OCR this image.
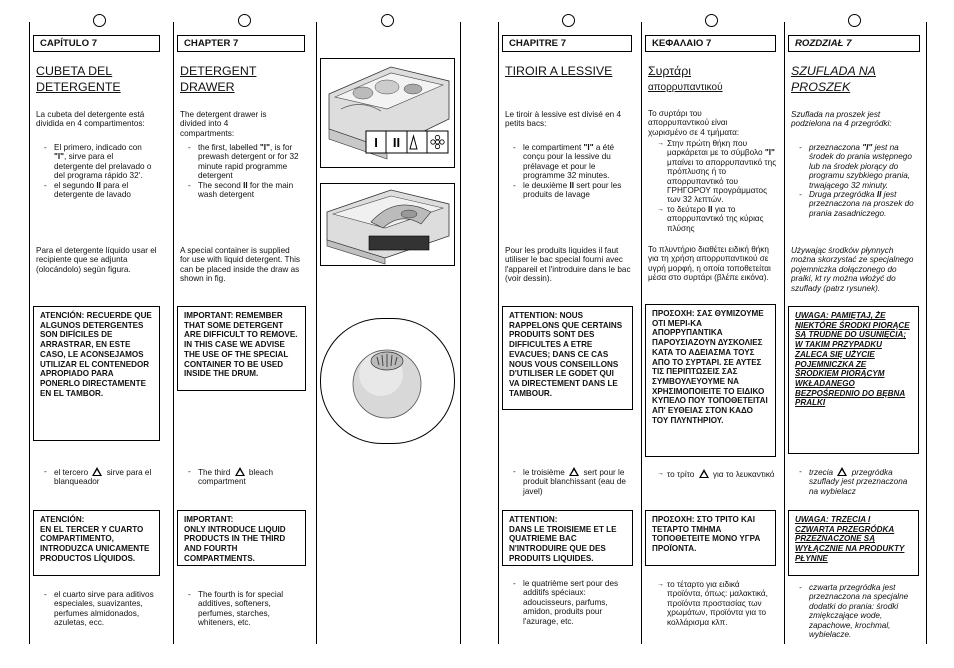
CAPÍTULO 7
CUBETA DEL
DETERGENTE

La cubeta del detergente está dividida en 4 compartimentos:

- El primero, indicado con "I", sirve para el detergente del prelavado o del programa rápido 32'.
- el segundo II para el detergente de lavado

Para el detergente líquido usar el recipiente que se adjunta (olocándolo) según figura.

ATENCIÓN: RECUERDE QUE ALGUNOS DETERGENTES SON DIFÍCILES DE ARRASTRAR, EN ESTE CASO, LE ACONSEJAMOS UTILIZAR EL CONTENEDOR APROPIADO PARA PONERLO DIRECTAMENTE EN EL TAMBOR.
- el tercero sirve para el blanqueador
ATENCIÓN:
EN EL TERCER Y CUARTO COMPARTIMENTO, INTRODUZCA UNICAMENTE PRODUCTOS LÍQUIDOS.
- el cuarto sirve para aditivos especiales, suavizantes, perfumes almidonados, azuletas, ecc.
CHAPTER 7
DETERGENT
DRAWER

The detergent drawer is divided into 4 compartments:

- the first, labelled "I", is for prewash detergent or for 32 minute rapid programme detergent
- The second II for the main wash detergent

A special container is supplied for use with liquid detergent. This can be placed inside the draw as shown in fig.

IMPORTANT: REMEMBER THAT SOME DETERGENT ARE DIFFICULT TO REMOVE. IN THIS CASE WE ADVISE THE USE OF THE SPECIAL CONTAINER TO BE USED INSIDE THE DRUM.
- The third bleach compartment
IMPORTANT:
ONLY INTRODUCE LIQUID PRODUCTS IN THE THIRD AND FOURTH COMPARTMENTS.
- The fourth is for special additives, softeners, perfumes, starches, whiteners, etc.
I II
CHAPITRE 7
TIROIR A LESSIVE

Le tiroir à lessive est divisé en 4 petits bacs:

- le compartiment "I" a été conçu pour la lessive du prélavage et pour le programme 32 minutes.
- le deuxième II sert pour les produits de lavage

Pour les produits liquides il faut utiliser le bac special fourni avec l'appareil et l'introduire dans le bac (voir dessin).

ATTENTION: NOUS RAPPELONS QUE CERTAINS PRODUITS SONT DES DIFFICULTES A ETRE EVACUES; DANS CE CAS NOUS VOUS CONSEILLONS D'UTILISER LE GODET QUI VA DIRECTEMENT DANS LE TAMBOUR.
- le troisième sert pour le produit blanchissant (eau de javel)
ATTENTION:
DANS LE TROISIEME ET LE QUATRIEME BAC N'INTRODUIRE QUE DES PRODUITS LIQUIDES.
- le quatrième sert pour des additifs spéciaux: adoucisseurs, parfums, amidon, produits pour l'azurage, etc.
ΚΕΦΑΛΑΙΟ 7
Συρτάρι
απορρυπαντικού

Το συρτάρι του απορρυπαντικού είναι χωρισμένο σε 4 τμήματα:

→ Στην πρώτη θήκη που μαρκάρεται με το σύμβολο "I" μπαίνει το απορρυπαντικό της πρόπλυσης ή το απορρυπαντικό του ΓΡΗΓΟΡΟΥ προγράμματος των 32 λεπτών.
→ το δεύτερο II για το απορρυπαντικό της κύριας πλύσης

Το πλυντήριο διαθέτει ειδική θήκη για τη χρήση απορρυπαντικού σε υγρή μορφή, η οποία τοποθετείται μέσα στο συρτάρι (βλέπε εικόνα).

ΠΡΟΣΟΧΗ: ΣΑΣ ΘΥΜΙΖΟΥΜΕ ΟΤΙ ΜΕΡΙ-ΚΑ ΑΠΟΡΡΥΠΑΝΤΙΚΑ ΠΑΡΟΥΣΙΑΖΟΥΝ ΔΥΣΚΟΛΙΕΣ ΚΑΤΑ ΤΟ ΑΔΕΙΑΣΜΑ ΤΟΥΣ ΑΠΟ ΤΟ ΣΥΡΤΑΡΙ. ΣΕ ΑΥΤΕΣ ΤΙΣ ΠΕΡΙΠΤΩΣΕΙΣ ΣΑΣ ΣΥΜΒΟΥΛΕΥΟΥΜΕ ΝΑ ΧΡΗΣΙΜΟΠΟΙΕΙΤΕ ΤΟ ΕΙΔΙΚΟ ΚΥΠΕΛΟ ΠΟΥ ΤΟΠΟΘΕΤΕΙΤΑΙ ΑΠ' ΕΥΘΕΙΑΣ ΣΤΟΝ ΚΑΔΟ ΤΟΥ ΠΛΥΝΤΗΡΙΟΥ.
→ το τρίτο για το λευκαντικό
ΠΡΟΣΟΧΗ: ΣΤΟ ΤΡΙΤΟ ΚΑΙ ΤΕΤΑΡΤΟ ΤΜΗΜΑ ΤΟΠΟΘΕΤΕΙΤΕ ΜΟΝΟ ΥΓΡΑ ΠΡΟΪΟΝΤΑ.
→ το τέταρτο για ειδικά προϊόντα, όπως: μαλακτικά, προϊόντα προστασίας των χρωμάτων, προϊόντα για το κολλάρισμα κλπ.
ROZDZIAŁ 7
SZUFLADA NA
PROSZEK

Szuflada na proszek jest podzielona na 4 przegródki:

- przeznaczona "I" jest na środek do prania wstępnego lub na środek piorący do programu szybkiego prania, trwającego 32 minuty.
- Druga przegródka II jest przeznaczona na proszek do prania zasadniczego.

Używając środków płynnych można skorzystać ze specjalnego pojemniczka dołączonego do pralki, kt ry można włożyć do szuflady (patrz rysunek).

UWAGA: PAMIĘTAJ, ŻE NIEKTÓRE ŚRODKI PIORĄCE SĄ TRUDNE DO USUNIĘCIA; W TAKIM PRZYPADKU ZALECA SIĘ UŻYCIE POJEMNICZKA ZE ŚRODKIEM PIORĄCYM WKŁADANEGO BEZPOŚREDNIO DO BĘBNA PRALKI
- trzecia przegródka szuflady jest przeznaczona na wybielacz
UWAGA: TRZECIA I CZWARTA PRZEGRÓDKA PRZEZNACZONE SĄ WYŁĄCZNIE NA PRODUKTY PŁYNNE
- czwarta przegródka jest przeznaczona na specjalne dodatki do prania: środki zmiękczające wode, zapachowe, krochmal, wybielacze.
